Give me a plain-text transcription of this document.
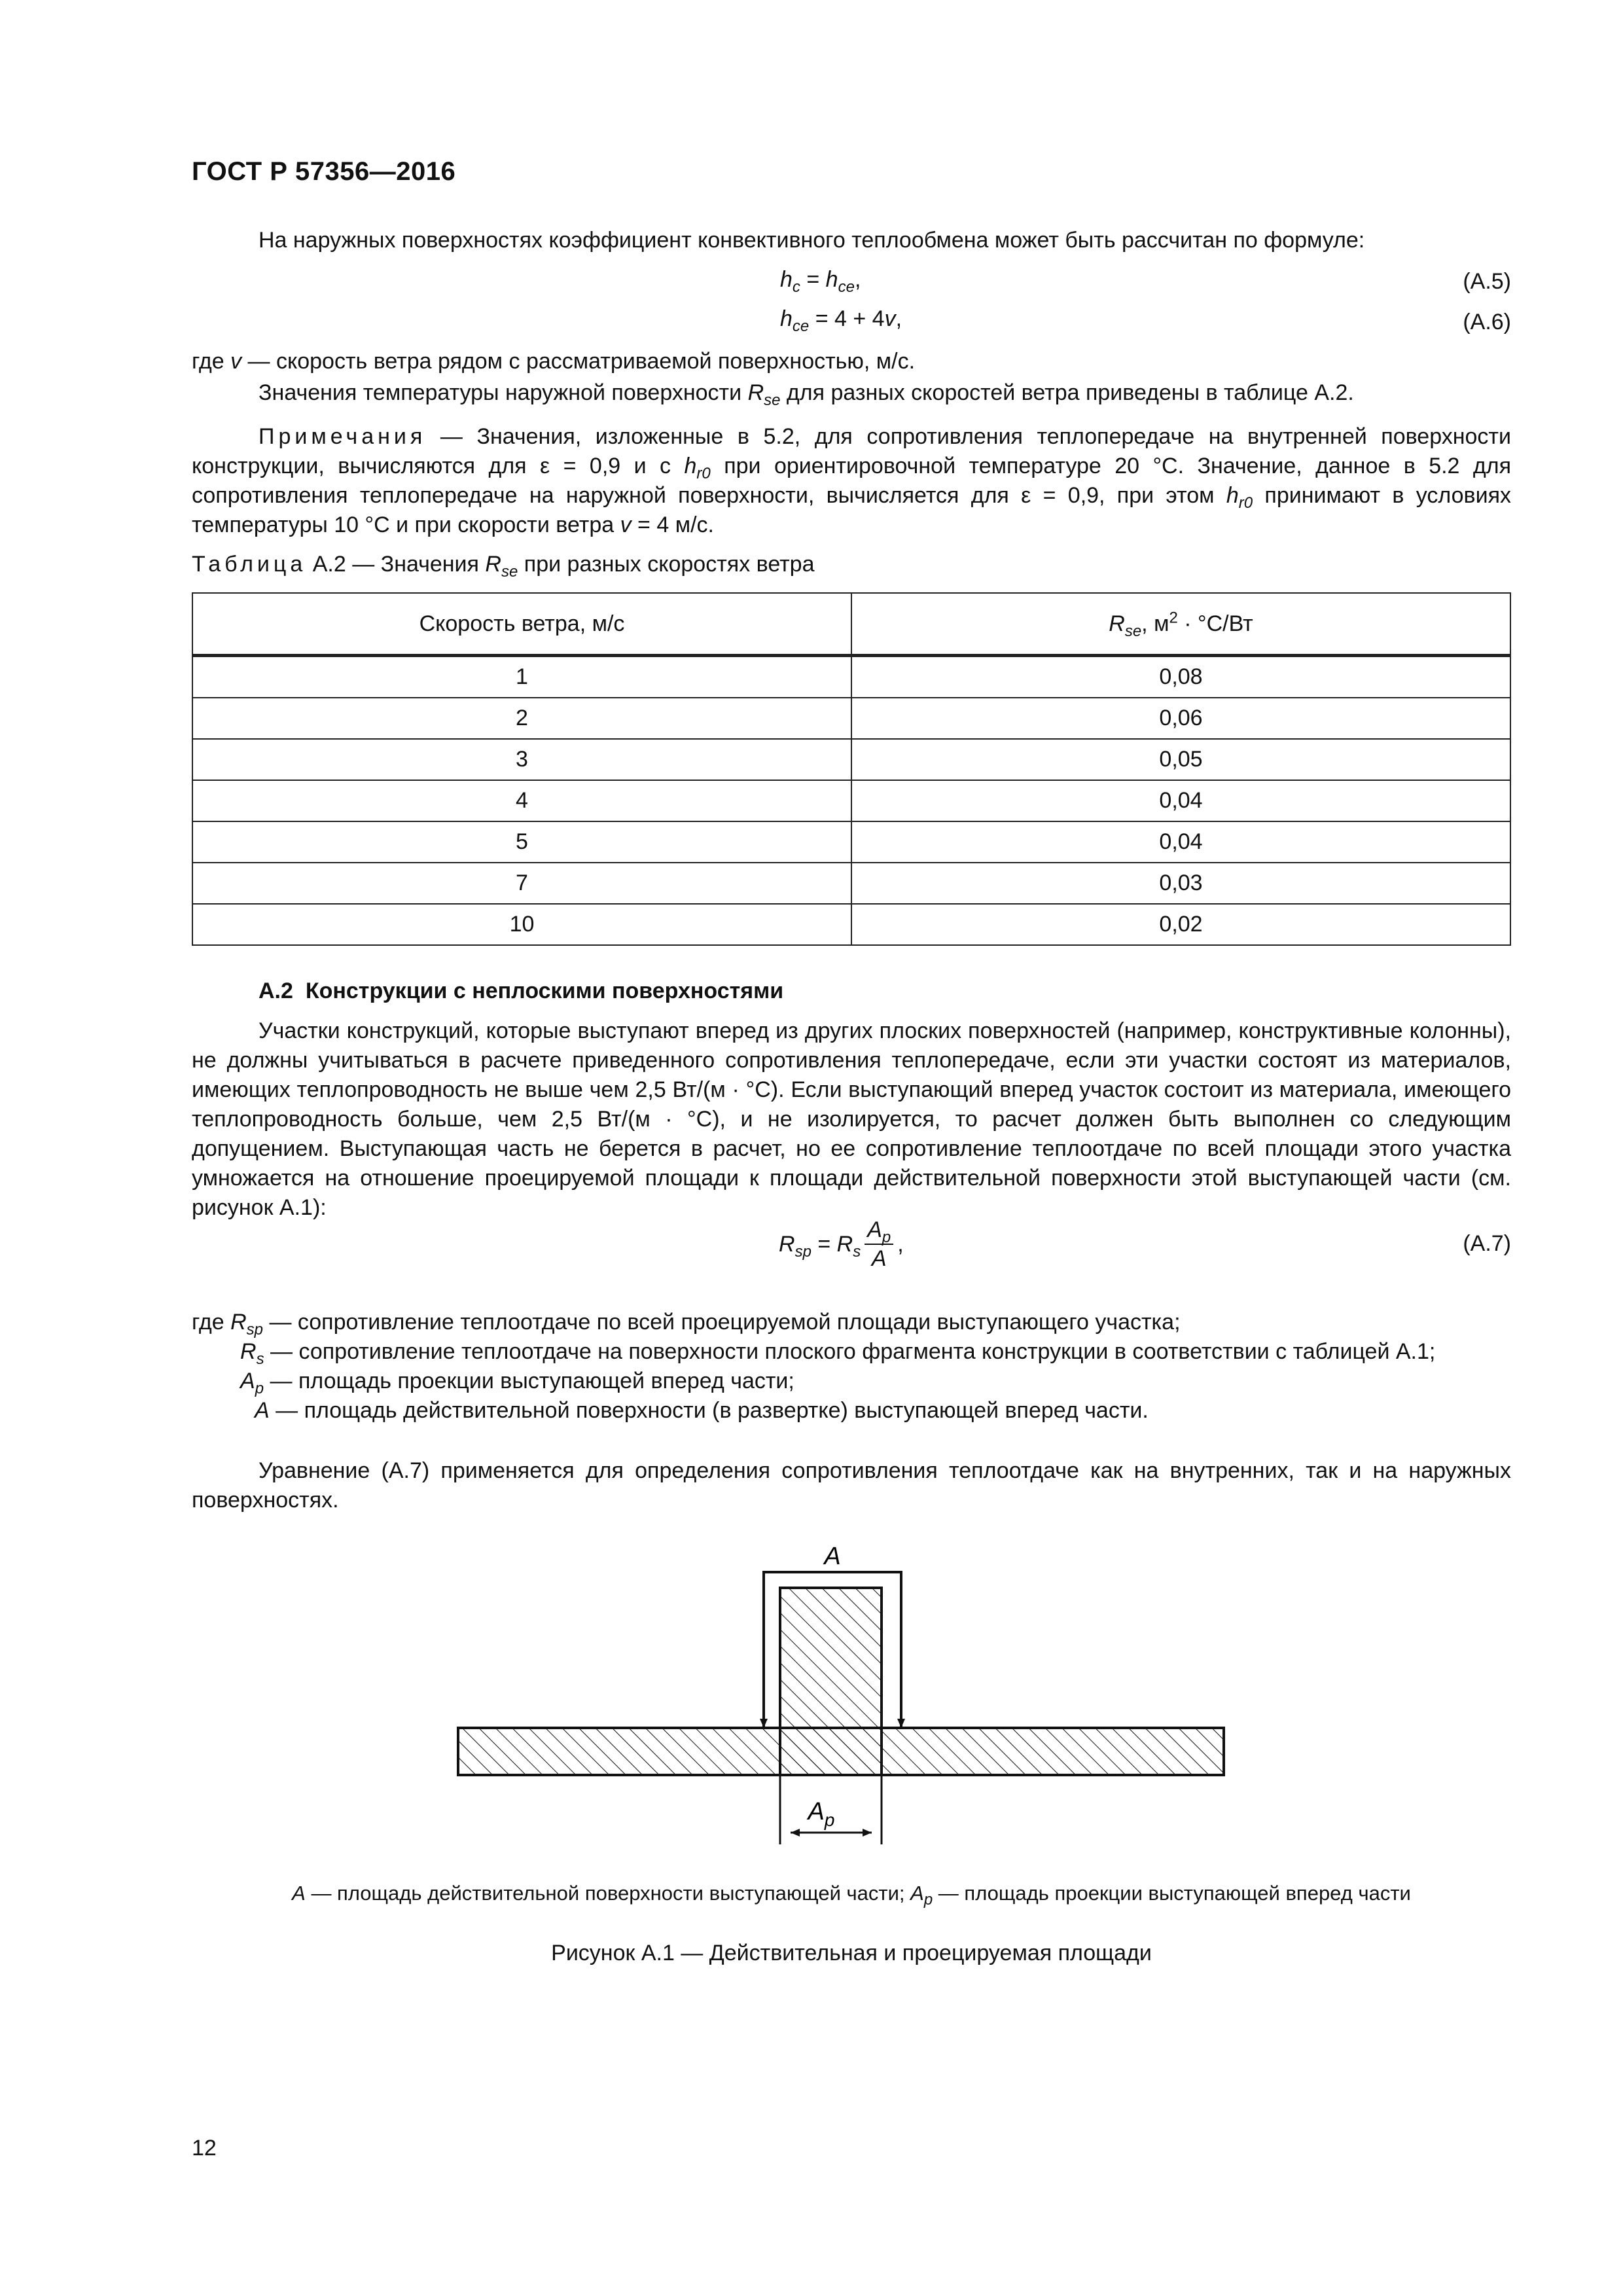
ГОСТ Р 57356—2016
На наружных поверхностях коэффициент конвективного теплообмена может быть рассчитан по формуле:
$h_c = h_{ce}$,	(А.5)
$h_{ce} = 4 + 4v$,	(А.6)
где v — скорость ветра рядом с рассматриваемой поверхностью, м/с.
Значения температуры наружной поверхности $R_{se}$ для разных скоростей ветра приведены в таблице А.2.
Примечания — Значения, изложенные в 5.2, для сопротивления теплопередаче на внутренней поверхности конструкции, вычисляются для ε = 0,9 и с $h_{r0}$ при ориентировочной температуре 20 °С. Значение, данное в 5.2 для сопротивления теплопередаче на наружной поверхности, вычисляется для ε = 0,9, при этом $h_{r0}$ принимают в условиях температуры 10 °С и при скорости ветра v = 4 м/с.
Таблица А.2 — Значения $R_{se}$ при разных скоростях ветра
Скорость ветра, м/с	$R_{se}$, $м^2 \cdot ^\circ С/Вт$
1	0,08
2	0,06
3	0,05
4	0,04
5	0,04
7	0,03
10	0,02
А.2 Конструкции с неплоскими поверхностями
Участки конструкций, которые выступают вперед из других плоских поверхностей (например, конструктивные колонны), не должны учитываться в расчете приведенного сопротивления теплопередаче, если эти участки состоят из материалов, имеющих теплопроводность не выше чем 2,5 Вт/(м · °С). Если выступающий вперед участок состоит из материала, имеющего теплопроводность больше, чем 2,5 Вт/(м · °С), и не изолируется, то расчет должен быть выполнен со следующим допущением. Выступающая часть не берется в расчет, но ее сопротивление теплоотдаче по всей площади этого участка умножается на отношение проецируемой площади к площади действительной поверхности этой выступающей части (см. рисунок А.1):
$R_{sp} = R_s$
$A_p$
A
,	(А.7)
где $R_{sp}$ — сопротивление теплоотдаче по всей проецируемой площади выступающего участка;
$R_s$ — сопротивление теплоотдаче на поверхности плоского фрагмента конструкции в соответствии с таблицей А.1;
$A_p$ — площадь проекции выступающей вперед части;
A — площадь действительной поверхности (в развертке) выступающей вперед части.
Уравнение (А.7) применяется для определения сопротивления теплоотдаче как на внутренних, так и на наружных поверхностях.
A
$A_p$
A — площадь действительной поверхности выступающей части; $A_p$ — площадь проекции выступающей вперед части
Рисунок А.1 — Действительная и проецируемая площади
12
